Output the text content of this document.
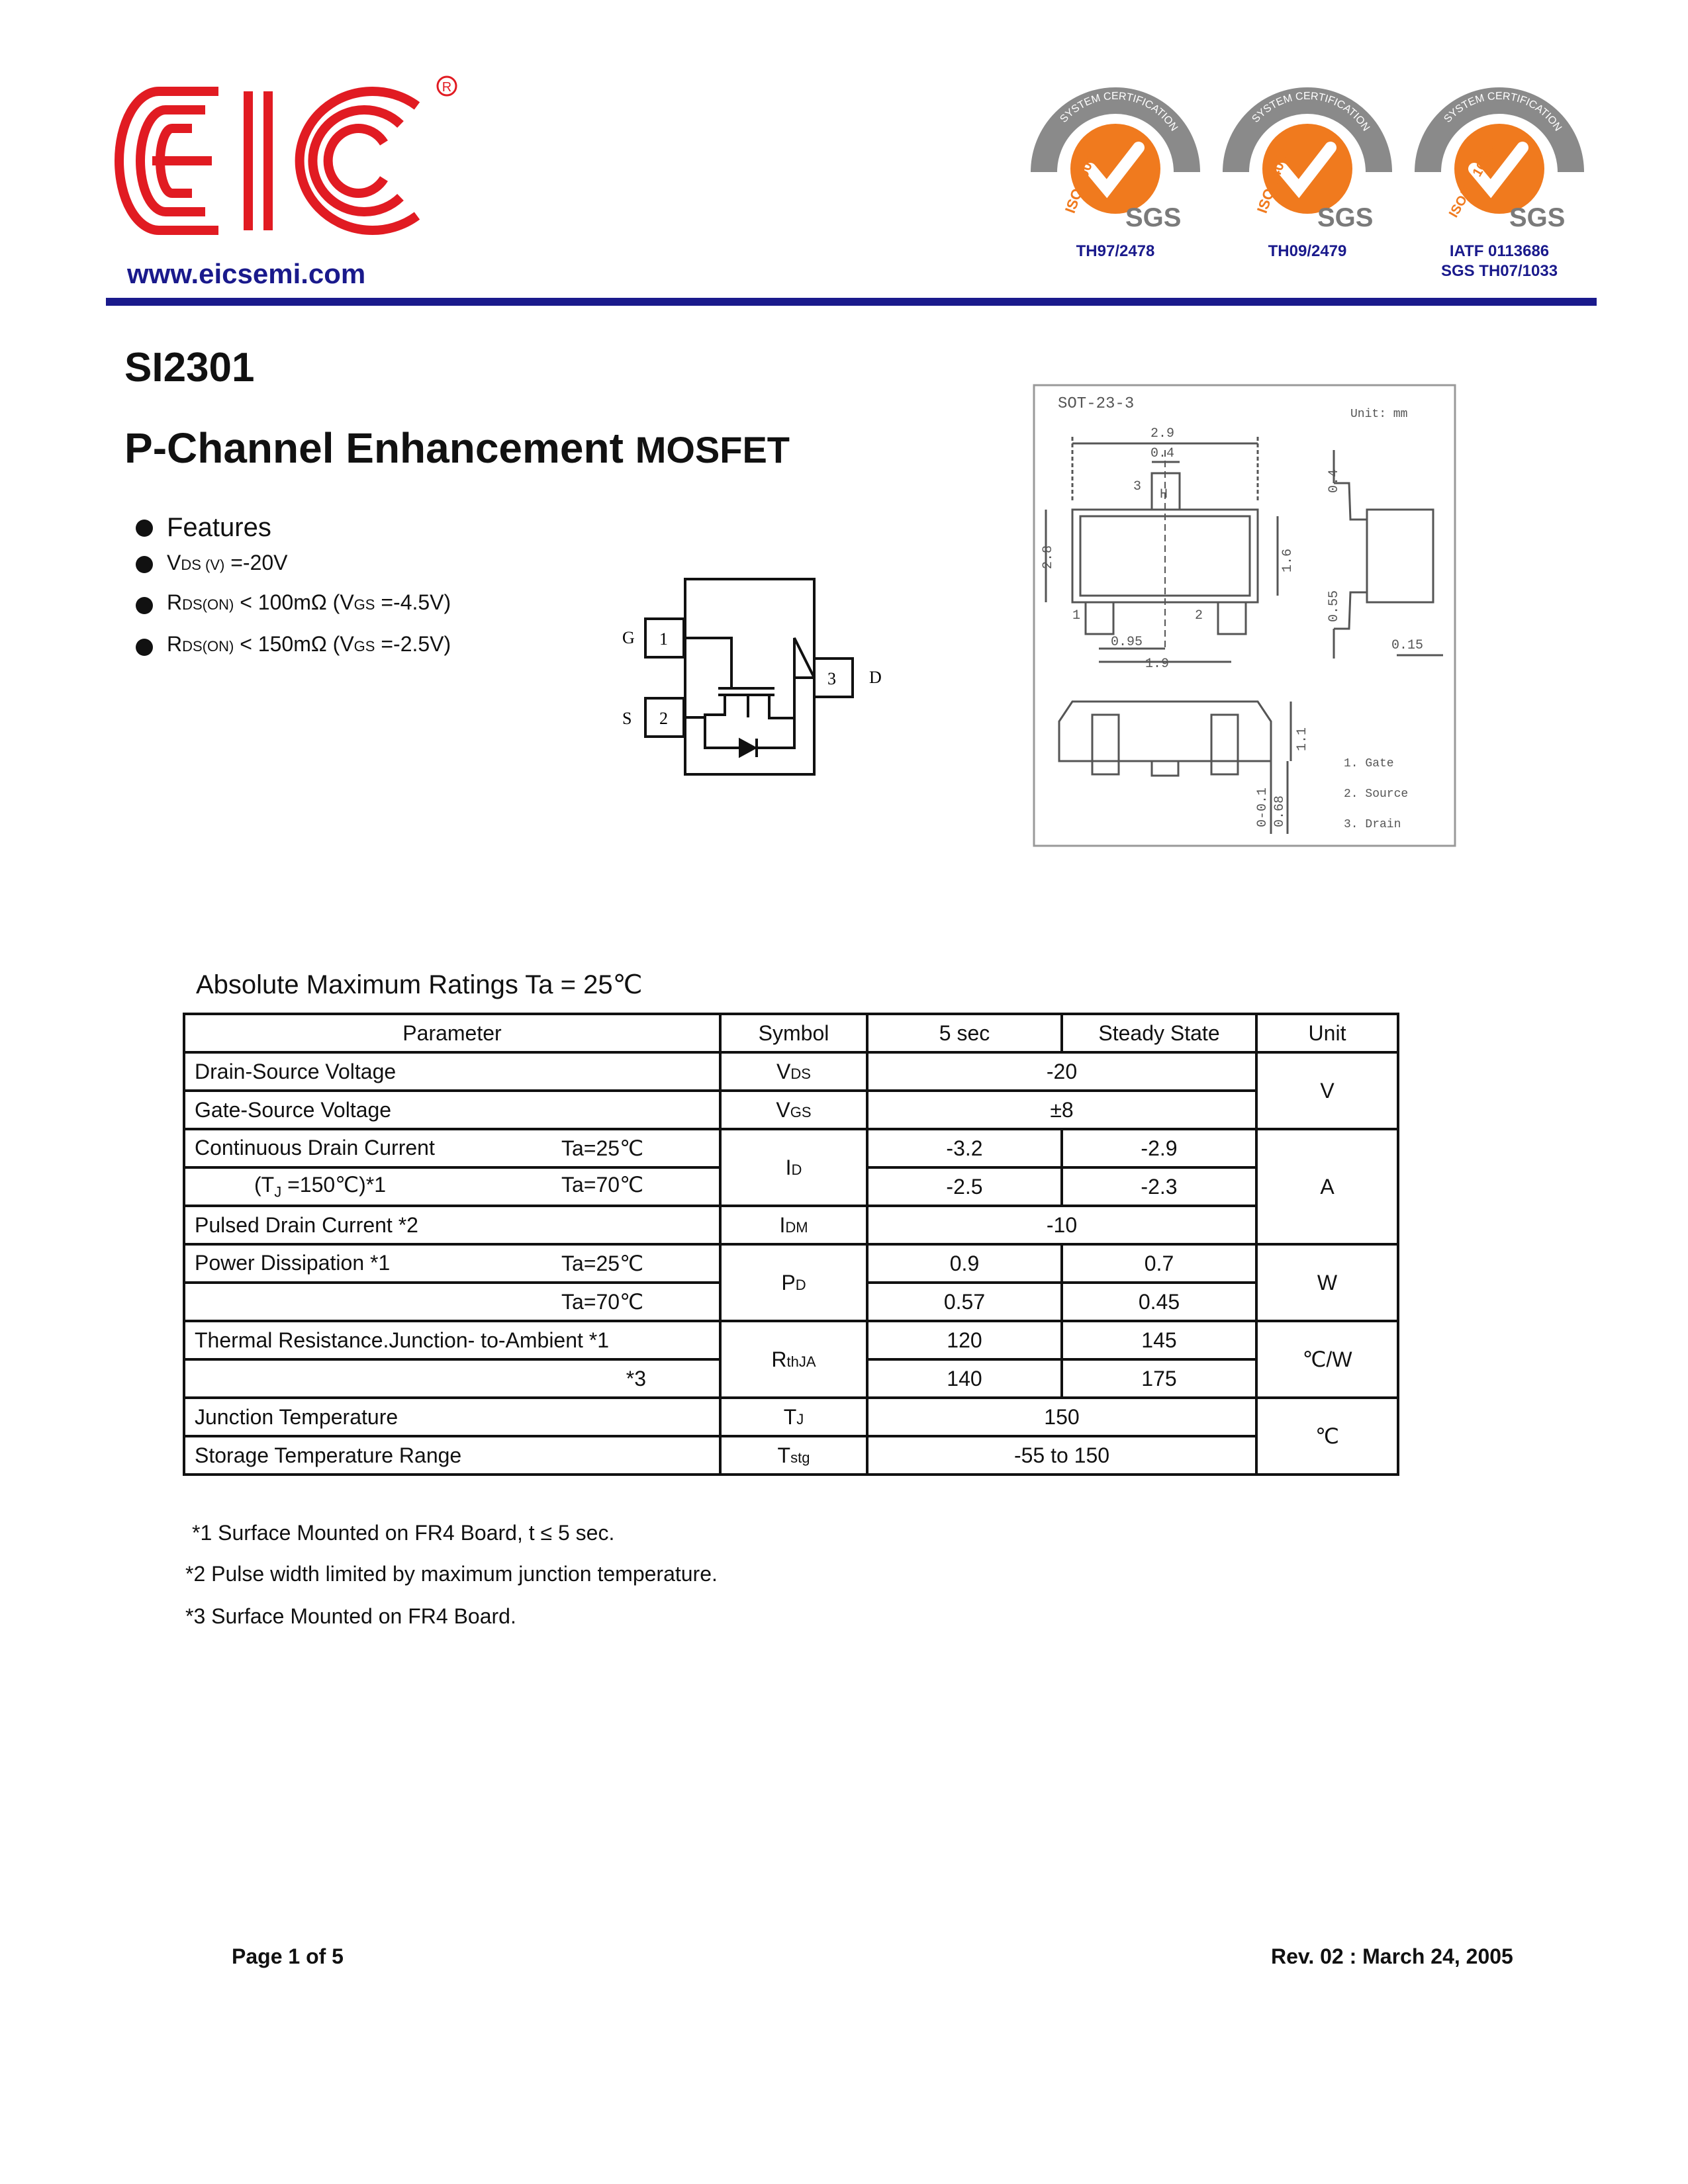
R
www.eicsemi.com
SYSTEM CERTIFICATION
ISO 9001
SGS
TH97/2478
SYSTEM CERTIFICATION
ISO 14001
SGS
TH09/2479
SYSTEM CERTIFICATION
ISO/TS 16949 SGS
IATF 0113686
SGS TH07/1033
SI2301
P-Channel Enhancement MOSFET
Features
VDS (V) =-20V
RDS(ON) < 100mΩ (VGS =-4.5V)
RDS(ON) < 150mΩ (VGS =-2.5V)	G
S
D
1
2
3
SOT-23-3
Unit: mm
2.9
0.4
3
H
1	2
2.8	1.6
0.95
1.9
0.4
0.55
0.15
1.1
0-0.1 0.68
1. Gate
2. Source
3. Drain
Absolute Maximum Ratings Ta = 25℃
Parameter	Symbol	5 sec	Steady State	Unit
Drain-Source Voltage	VDS	-20		V
Gate-Source Voltage	VGS	±8		
Continuous Drain Current Ta=25℃	ID	-3.2	-2.9	A
($T_J$ =150℃)*1 Ta=70℃		-2.5	-2.3	
Pulsed Drain Current *2	IDM	-10		
Power Dissipation *1 Ta=25℃	PD	0.9	0.7	W

Ta=70℃		0.57	0.45	
Thermal Resistance.Junction- to-Ambient *1	RthJA	120	145	℃/W
*3		140	175	
Junction Temperature	TJ	150		℃
Storage Temperature Range	Tstg	-55 to 150		
*1 Surface Mounted on FR4 Board, t ≤ 5 sec.
*2 Pulse width limited by maximum junction temperature.
*3 Surface Mounted on FR4 Board.
Page 1 of 5	Rev. 02 : March 24, 2005
